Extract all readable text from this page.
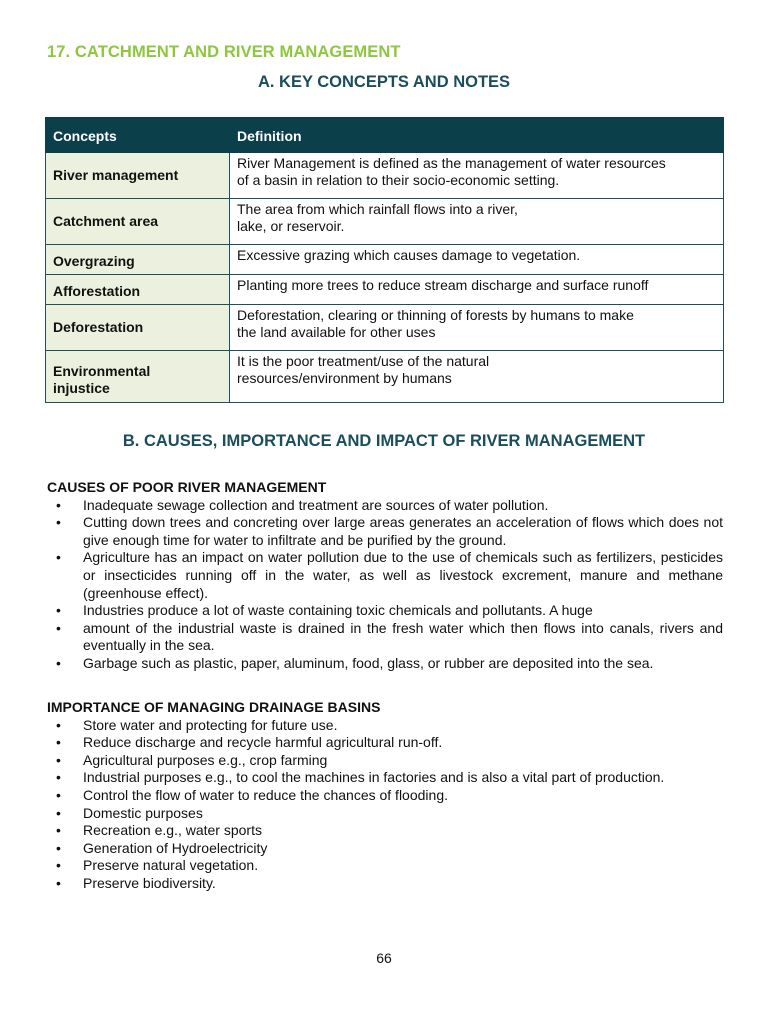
17. CATCHMENT AND RIVER MANAGEMENT
A. KEY CONCEPTS AND NOTES
Concepts	Definition

River management	River Management is defined as the management of water resources
of a basin in relation to their socio-economic setting.

Catchment area	The area from which rainfall flows into a river,
lake, or reservoir.

Overgrazing	Excessive grazing which causes damage to vegetation.

Afforestation	Planting more trees to reduce stream discharge and surface runoff

Deforestation	Deforestation, clearing or thinning of forests by humans to make
the land available for other uses

Environmental
injustice	It is the poor treatment/use of the natural
resources/environment by humans
B. CAUSES, IMPORTANCE AND IMPACT OF RIVER MANAGEMENT
CAUSES OF POOR RIVER MANAGEMENT
• Inadequate sewage collection and treatment are sources of water pollution.
• Cutting down trees and concreting over large areas generates an acceleration of flows which does not give enough time for water to infiltrate and be purified by the ground.
• Agriculture has an impact on water pollution due to the use of chemicals such as fertilizers, pesticides or insecticides running off in the water, as well as livestock excrement, manure and methane (greenhouse effect).
• Industries produce a lot of waste containing toxic chemicals and pollutants. A huge
• amount of the industrial waste is drained in the fresh water which then flows into canals, rivers and eventually in the sea.
• Garbage such as plastic, paper, aluminum, food, glass, or rubber are deposited into the sea.
IMPORTANCE OF MANAGING DRAINAGE BASINS
• Store water and protecting for future use.
• Reduce discharge and recycle harmful agricultural run-off.
• Agricultural purposes e.g., crop farming
• Industrial purposes e.g., to cool the machines in factories and is also a vital part of production.
• Control the flow of water to reduce the chances of flooding.
• Domestic purposes
• Recreation e.g., water sports
• Generation of Hydroelectricity
• Preserve natural vegetation.
• Preserve biodiversity.
66
